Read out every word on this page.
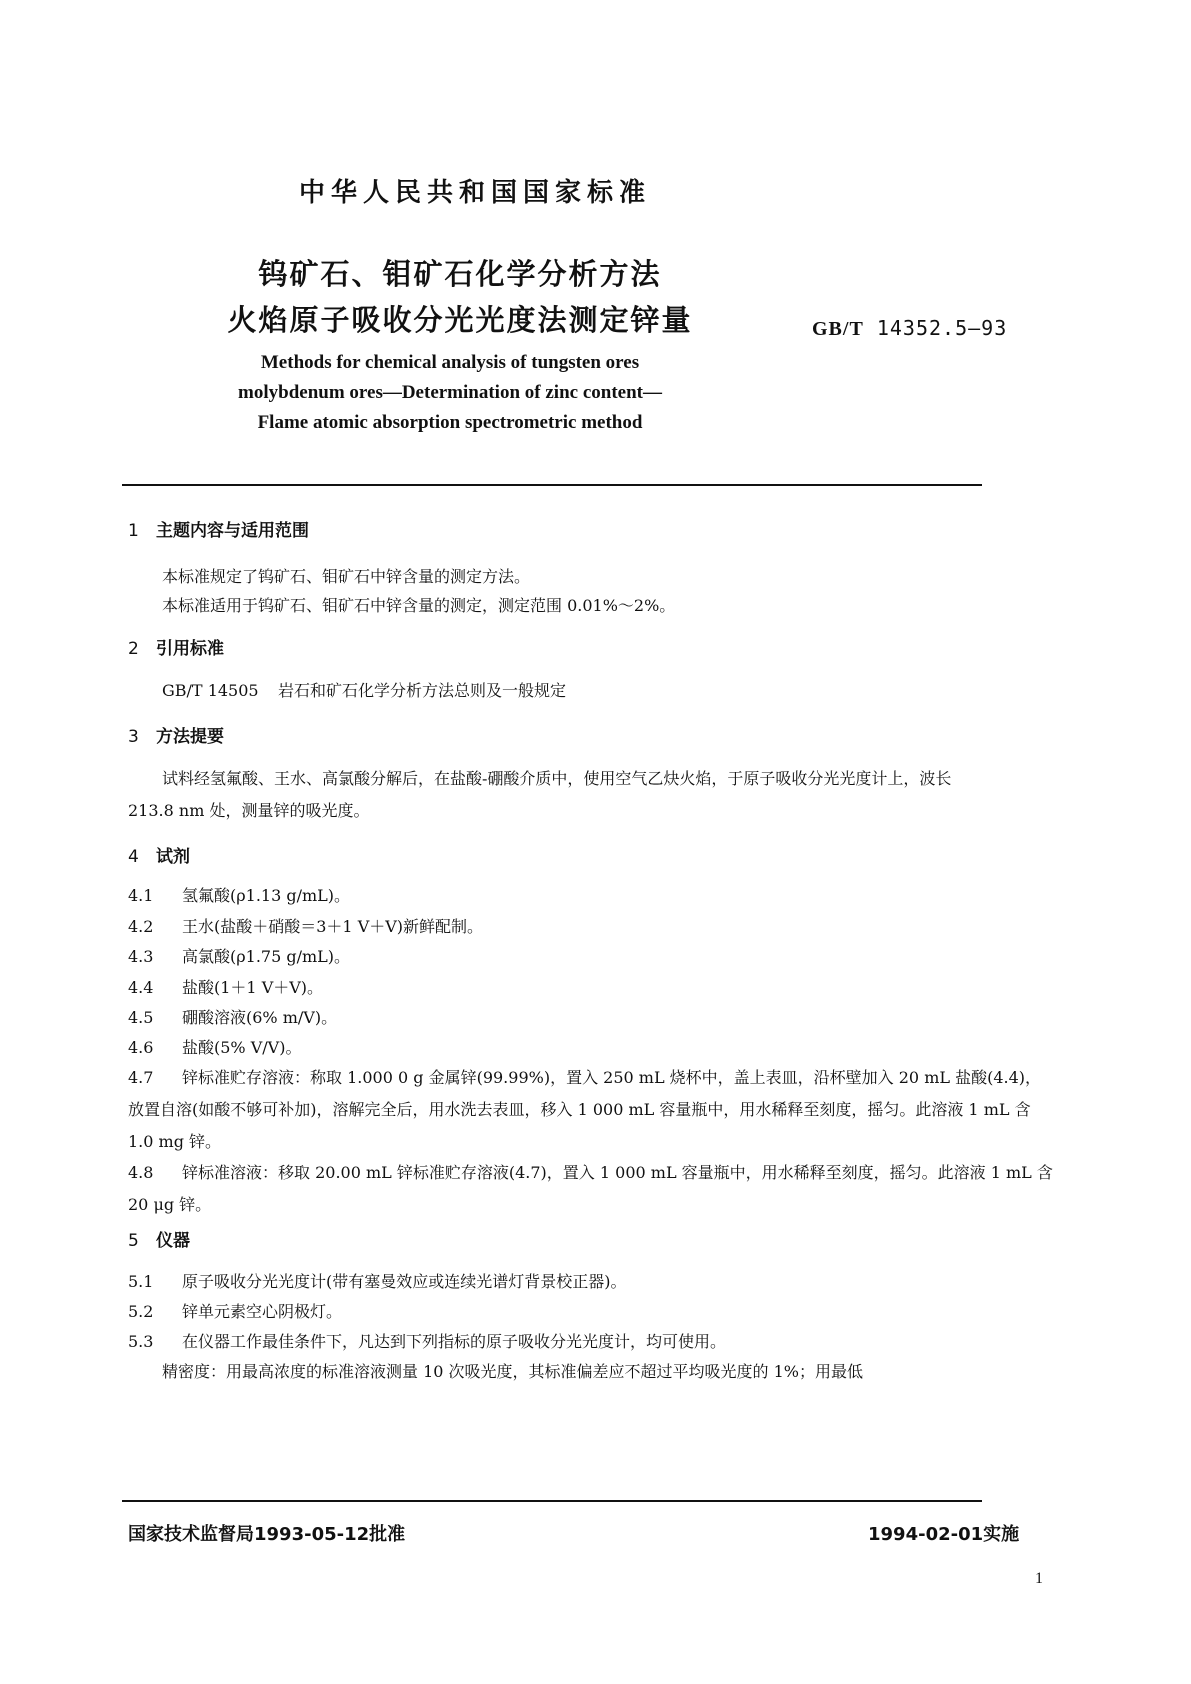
中华人民共和国国家标准
钨矿石、钼矿石化学分析方法
火焰原子吸收分光光度法测定锌量	GB/T 14352.5—93
Methods for chemical analysis of tungsten ores
molybdenum ores—Determination of zinc content—
Flame atomic absorption spectrometric method
1 主题内容与适用范围
本标准规定了钨矿石、钼矿石中锌含量的测定方法。
本标准适用于钨矿石、钼矿石中锌含量的测定，测定范围 0.01%～2%。
2 引用标准
GB/T 14505 岩石和矿石化学分析方法总则及一般规定
3 方法提要
试料经氢氟酸、王水、高氯酸分解后，在盐酸-硼酸介质中，使用空气乙炔火焰，于原子吸收分光光度计上，波长 213.8 nm 处，测量锌的吸光度。
4 试剂
4.1 氢氟酸(ρ1.13 g/mL)。
4.2 王水(盐酸＋硝酸＝3＋1 V＋V)新鲜配制。
4.3 高氯酸(ρ1.75 g/mL)。
4.4 盐酸(1＋1 V＋V)。
4.5 硼酸溶液(6% m/V)。
4.6 盐酸(5% V/V)。
4.7 锌标准贮存溶液：称取 1.000 0 g 金属锌(99.99%)，置入 250 mL 烧杯中，盖上表皿，沿杯壁加入 20 mL 盐酸(4.4)，放置自溶(如酸不够可补加)，溶解完全后，用水洗去表皿，移入 1 000 mL 容量瓶中，用水稀释至刻度，摇匀。此溶液 1 mL 含 1.0 mg 锌。
4.8 锌标准溶液：移取 20.00 mL 锌标准贮存溶液(4.7)，置入 1 000 mL 容量瓶中，用水稀释至刻度，摇匀。此溶液 1 mL 含 20 μg 锌。
5 仪器
5.1 原子吸收分光光度计(带有塞曼效应或连续光谱灯背景校正器)。
5.2 锌单元素空心阴极灯。
5.3 在仪器工作最佳条件下，凡达到下列指标的原子吸收分光光度计，均可使用。
精密度：用最高浓度的标准溶液测量 10 次吸光度，其标准偏差应不超过平均吸光度的 1%；用最低
国家技术监督局1993-05-12批准	1994-02-01实施
1
